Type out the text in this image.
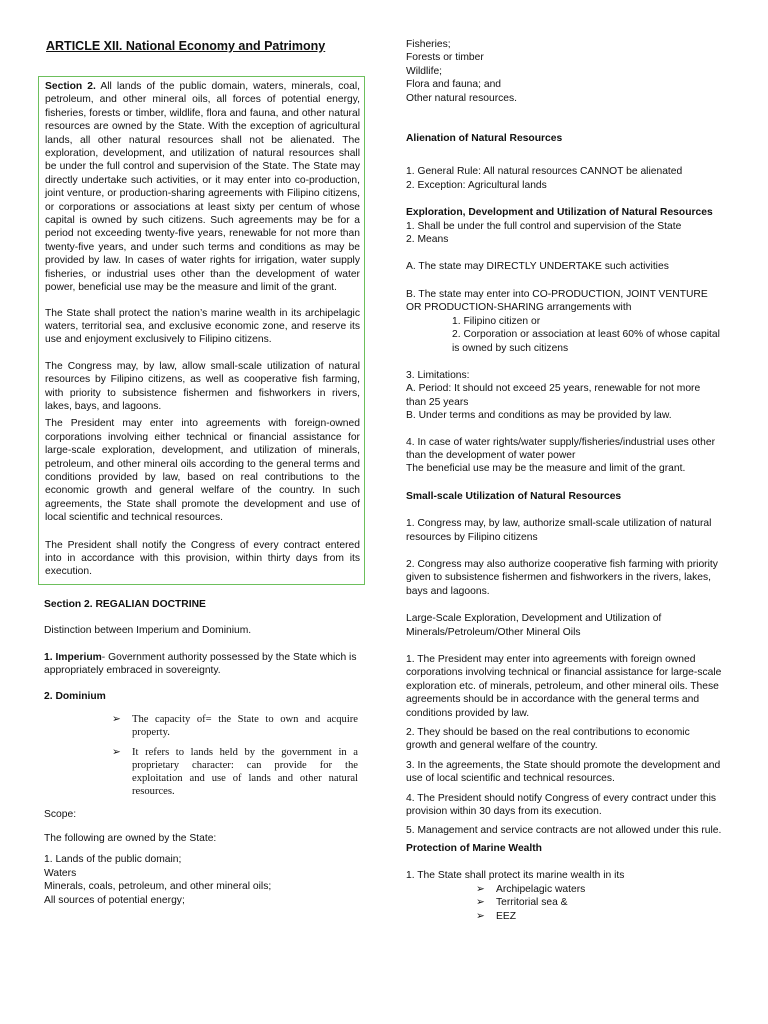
ARTICLE XII. National Economy and Patrimony

Section 2. All lands of the public domain, waters, minerals, coal, petroleum, and other mineral oils, all forces of potential energy, fisheries, forests or timber, wildlife, flora and fauna, and other natural resources are owned by the State. With the exception of agricultural lands, all other natural resources shall not be alienated. The exploration, development, and utilization of natural resources shall be under the full control and supervision of the State. The State may directly undertake such activities, or it may enter into co-production, joint venture, or production-sharing agreements with Filipino citizens, or corporations or associations at least sixty per centum of whose capital is owned by such citizens. Such agreements may be for a period not exceeding twenty-five years, renewable for not more than twenty-five years, and under such terms and conditions as may be provided by law. In cases of water rights for irrigation, water supply fisheries, or industrial uses other than the development of water power, beneficial use may be the measure and limit of the grant.

The State shall protect the nation’s marine wealth in its archipelagic waters, territorial sea, and exclusive economic zone, and reserve its use and enjoyment exclusively to Filipino citizens.

The Congress may, by law, allow small-scale utilization of natural resources by Filipino citizens, as well as cooperative fish farming, with priority to subsistence fishermen and fishworkers in rivers, lakes, bays, and lagoons.

The President may enter into agreements with foreign-owned corporations involving either technical or financial assistance for large-scale exploration, development, and utilization of minerals, petroleum, and other mineral oils according to the general terms and conditions provided by law, based on real contributions to the economic growth and general welfare of the country. In such agreements, the State shall promote the development and use of local scientific and technical resources.

The President shall notify the Congress of every contract entered into in accordance with this provision, within thirty days from its execution.

Section 2. REGALIAN DOCTRINE

Distinction between Imperium and Dominium.

1. Imperium- Government authority possessed by the State which is appropriately embraced in sovereignty.

2. Dominium

➢ The capacity of= the State to own and acquire property.
➢ It refers to lands held by the government in a proprietary character: can provide for the exploitation and use of lands and other natural resources.

Scope:

The following are owned by the State:

1. Lands of the public domain;
Waters
Minerals, coals, petroleum, and other mineral oils;
All sources of potential energy;
Fisheries;
Forests or timber
Wildlife;
Flora and fauna; and
Other natural resources.

Alienation of Natural Resources

1. General Rule: All natural resources CANNOT be alienated
2. Exception: Agricultural lands
Exploration, Development and Utilization of Natural Resources
1. Shall be under the full control and supervision of the State
2. Means

A. The state may DIRECTLY UNDERTAKE such activities

B. The state may enter into CO-PRODUCTION, JOINT VENTURE OR PRODUCTION-SHARING arrangements with
1. Filipino citizen or
2. Corporation or association at least 60% of whose capital is owned by such citizens
3. Limitations:
A. Period: It should not exceed 25 years, renewable for not more than 25 years

B. Under terms and conditions as may be provided by law.

4. In case of water rights/water supply/fisheries/industrial uses other than the development of water power

The beneficial use may be the measure and limit of the grant.

Small-scale Utilization of Natural Resources

1. Congress may, by law, authorize small-scale utilization of natural resources by Filipino citizens

2. Congress may also authorize cooperative fish farming with priority given to subsistence fishermen and fishworkers in the rivers, lakes, bays and lagoons.

Large-Scale Exploration, Development and Utilization of Minerals/Petroleum/Other Mineral Oils

1. The President may enter into agreements with foreign owned corporations involving technical or financial assistance for large-scale exploration etc. of minerals, petroleum, and other mineral oils. These agreements should be in accordance with the general terms and conditions provided by law.

2. They should be based on the real contributions to economic growth and general welfare of the country.

3. In the agreements, the State should promote the development and use of local scientific and technical resources.

4. The President should notify Congress of every contract under this provision within 30 days from its execution.

5. Management and service contracts are not allowed under this rule.

Protection of Marine Wealth

1. The State shall protect its marine wealth in its
➢ Archipelagic waters
➢ Territorial sea &
➢ EEZ
